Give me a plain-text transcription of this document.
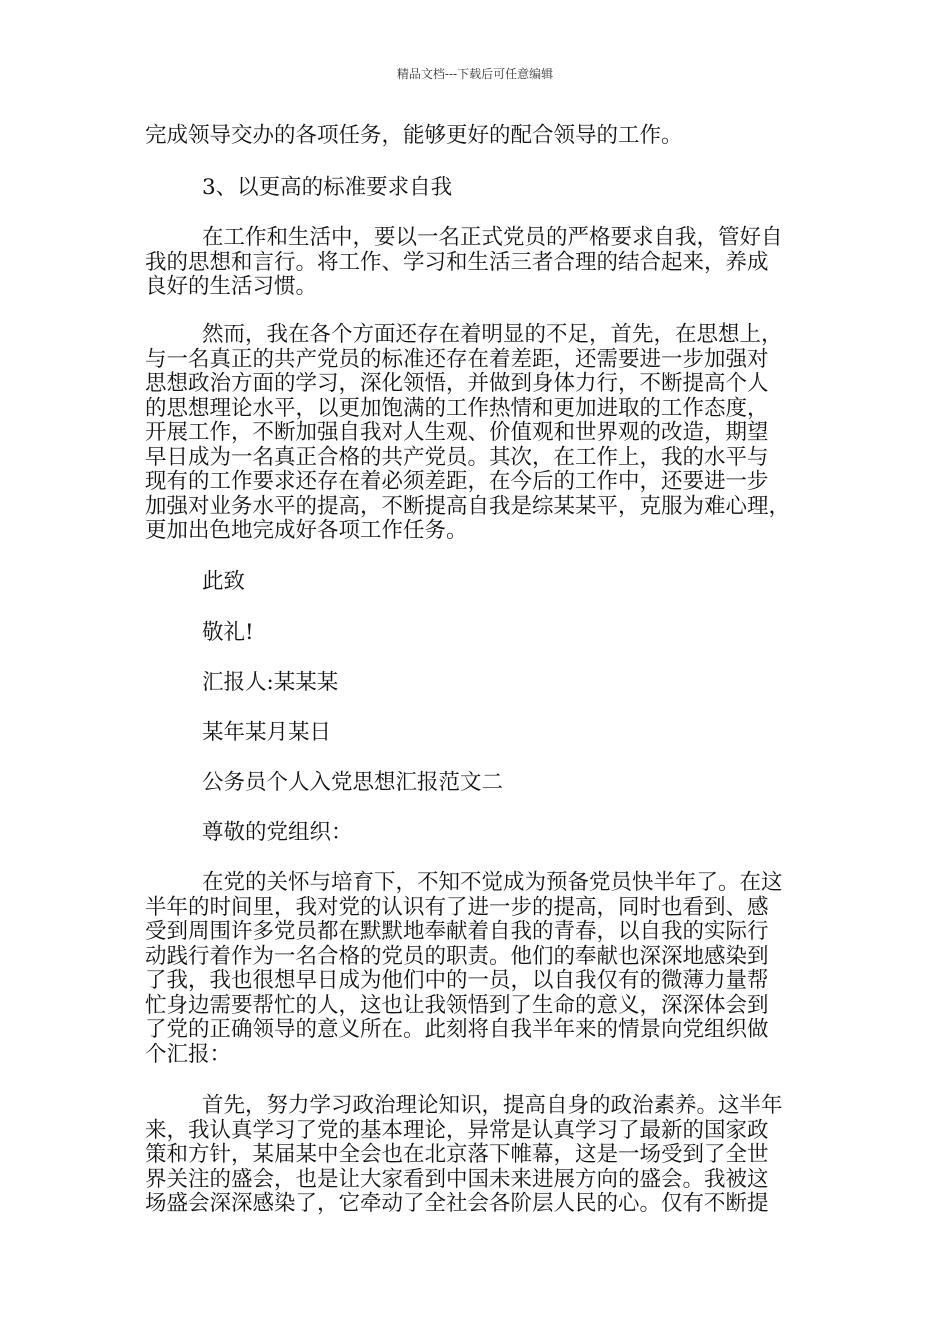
精品文档---下载后可任意编辑
完成领导交办的各项任务，能够更好的配合领导的工作。
3、以更高的标准要求自我
在工作和生活中，要以一名正式党员的严格要求自我，管好自
我的思想和言行。将工作、学习和生活三者合理的结合起来，养成
良好的生活习惯。
然而，我在各个方面还存在着明显的不足，首先，在思想上，
与一名真正的共产党员的标准还存在着差距，还需要进一步加强对
思想政治方面的学习，深化领悟，并做到身体力行，不断提高个人
的思想理论水平，以更加饱满的工作热情和更加进取的工作态度，
开展工作，不断加强自我对人生观、价值观和世界观的改造，期望
早日成为一名真正合格的共产党员。其次，在工作上，我的水平与
现有的工作要求还存在着必须差距，在今后的工作中，还要进一步
加强对业务水平的提高，不断提高自我是综某某平，克服为难心理，
更加出色地完成好各项工作任务。
此致
敬礼!
汇报人:某某某
某年某月某日
公务员个人入党思想汇报范文二
尊敬的党组织：
在党的关怀与培育下，不知不觉成为预备党员快半年了。在这
半年的时间里，我对党的认识有了进一步的提高，同时也看到、感
受到周围许多党员都在默默地奉献着自我的青春，以自我的实际行
动践行着作为一名合格的党员的职责。他们的奉献也深深地感染到
了我，我也很想早日成为他们中的一员，以自我仅有的微薄力量帮
忙身边需要帮忙的人，这也让我领悟到了生命的意义，深深体会到
了党的正确领导的意义所在。此刻将自我半年来的情景向党组织做
个汇报：
首先，努力学习政治理论知识，提高自身的政治素养。这半年
来，我认真学习了党的基本理论，异常是认真学习了最新的国家政
策和方针，某届某中全会也在北京落下帷幕，这是一场受到了全世
界关注的盛会，也是让大家看到中国未来进展方向的盛会。我被这
场盛会深深感染了，它牵动了全社会各阶层人民的心。仅有不断提
